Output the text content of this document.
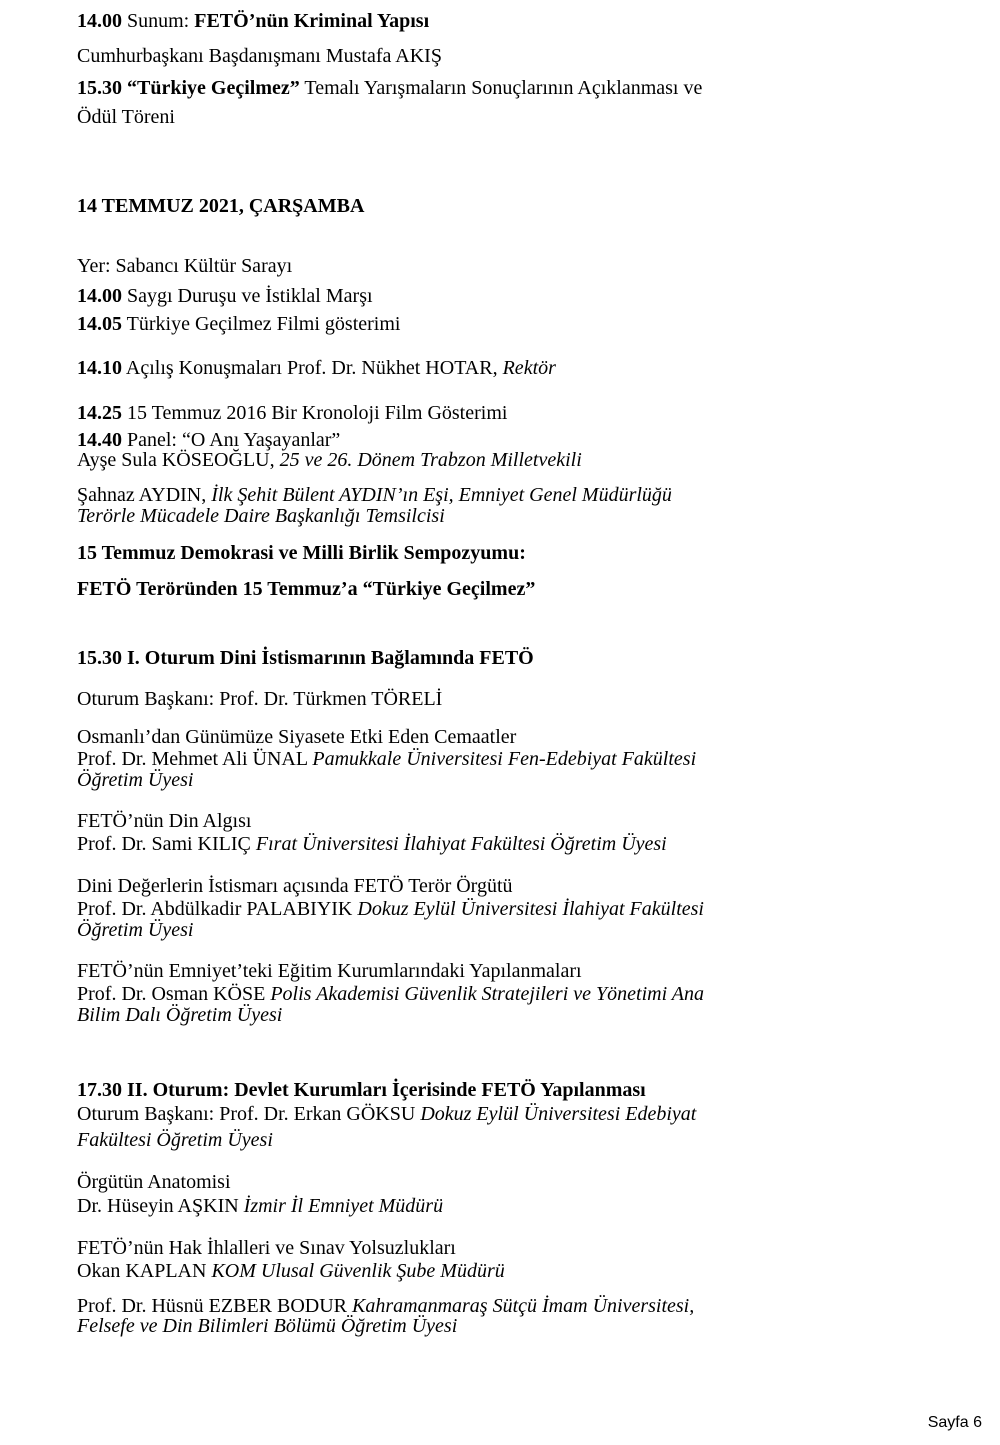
14.00 Sunum: FETÖ’nün Kriminal Yapısı
Cumhurbaşkanı Başdanışmanı Mustafa AKIŞ
15.30 “Türkiye Geçilmez” Temalı Yarışmaların Sonuçlarının Açıklanması ve
Ödül Töreni
14 TEMMUZ 2021, ÇARŞAMBA
Yer: Sabancı Kültür Sarayı
14.00 Saygı Duruşu ve İstiklal Marşı
14.05 Türkiye Geçilmez Filmi gösterimi
14.10 Açılış Konuşmaları Prof. Dr. Nükhet HOTAR, Rektör
14.25 15 Temmuz 2016 Bir Kronoloji Film Gösterimi
14.40 Panel: “O Anı Yaşayanlar”
Ayşe Sula KÖSEOĞLU, 25 ve 26. Dönem Trabzon Milletvekili
Şahnaz AYDIN, İlk Şehit Bülent AYDIN’ın Eşi, Emniyet Genel Müdürlüğü
Terörle Mücadele Daire Başkanlığı Temsilcisi
15 Temmuz Demokrasi ve Milli Birlik Sempozyumu:
FETÖ Teröründen 15 Temmuz’a “Türkiye Geçilmez”
15.30 I. Oturum Dini İstismarının Bağlamında FETÖ
Oturum Başkanı: Prof. Dr. Türkmen TÖRELİ
Osmanlı’dan Günümüze Siyasete Etki Eden Cemaatler
Prof. Dr. Mehmet Ali ÜNAL Pamukkale Üniversitesi Fen-Edebiyat Fakültesi
Öğretim Üyesi
FETÖ’nün Din Algısı
Prof. Dr. Sami KILIÇ Fırat Üniversitesi İlahiyat Fakültesi Öğretim Üyesi
Dini Değerlerin İstismarı açısında FETÖ Terör Örgütü
Prof. Dr. Abdülkadir PALABIYIK Dokuz Eylül Üniversitesi İlahiyat Fakültesi
Öğretim Üyesi
FETÖ’nün Emniyet’teki Eğitim Kurumlarındaki Yapılanmaları
Prof. Dr. Osman KÖSE Polis Akademisi Güvenlik Stratejileri ve Yönetimi Ana
Bilim Dalı Öğretim Üyesi
17.30 II. Oturum: Devlet Kurumları İçerisinde FETÖ Yapılanması
Oturum Başkanı: Prof. Dr. Erkan GÖKSU Dokuz Eylül Üniversitesi Edebiyat
Fakültesi Öğretim Üyesi
Örgütün Anatomisi
Dr. Hüseyin AŞKIN İzmir İl Emniyet Müdürü
FETÖ’nün Hak İhlalleri ve Sınav Yolsuzlukları
Okan KAPLAN KOM Ulusal Güvenlik Şube Müdürü
Prof. Dr. Hüsnü EZBER BODUR Kahramanmaraş Sütçü İmam Üniversitesi,
Felsefe ve Din Bilimleri Bölümü Öğretim Üyesi
Sayfa 6
